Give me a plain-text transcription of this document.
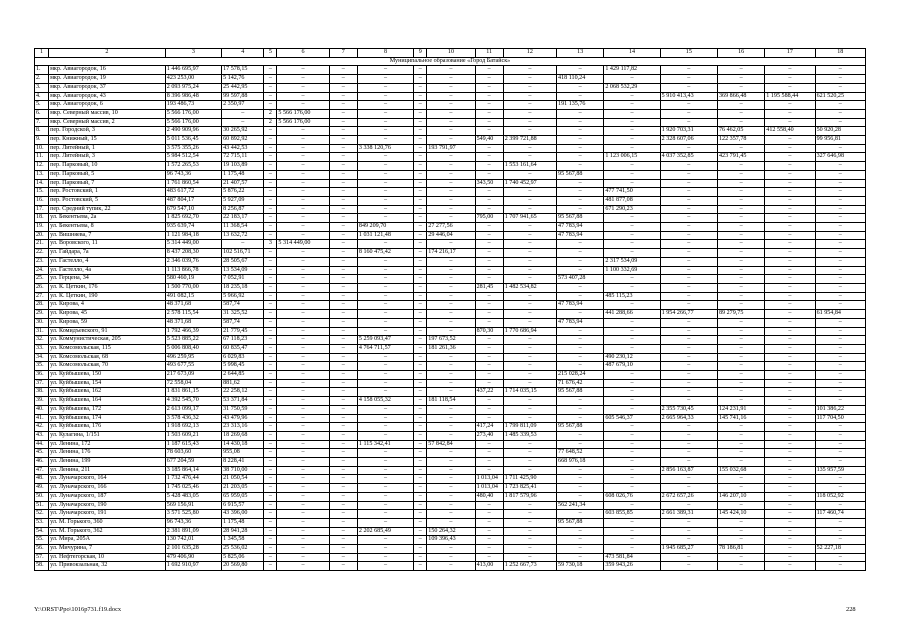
1	2	3	4	5	6	7	8	9	10	11	12	13	14	15	16	17	18
Муниципальное образование «Город Батайск»																	
1.	мкр. Авиагородок, 16	1 446 695,97	17 578,15	–	–	–	–	–	–	–	–	–	1 429 117,82	–	–	–	–
2.	мкр. Авиагородок, 19	423 253,00	5 142,76	–	–	–	–	–	–	–	–	418 110,24	–	–	–	–	–
3.	мкр. Авиагородок, 37	2 093 975,24	25 442,95	–	–	–	–	–	–	–	–	–	2 068 532,29	–	–	–	–
4.	мкр. Авиагородок, 43	8 396 986,48	99 597,88	–	–	–	–	–	–	–	–	–	–	5 910 413,43	369 866,48	1 195 588,44	621 520,25
5.	мкр. Авиагородок, 6	193 486,73	2 350,97	–	–	–	–	–	–	–	–	191 135,76	–	–	–	–	–
6.	мкр. Северный массив, 10	5 566 176,00	–	2	5 566 176,00	–	–	–	–	–	–	–	–	–	–	–	–
7.	мкр. Северный массив, 2	5 566 176,00	–	2	5 566 176,00	–	–	–	–	–	–	–	–	–	–	–	–
8.	пер. Городской, 3	2 490 909,96	30 265,92	–	–	–	–	–	–	–	–	–	–	1 920 703,31	76 462,05	412 558,40	50 920,28
9.	пер. Книжный, 15	5 011 536,45	60 892,92	–	–	–	–	–	–	549,40	2 399 721,88	–	–	2 328 607,06	122 357,78	–	99 956,81
10.	пер. Литейный, 1	3 575 355,26	43 442,53	–	–	–	3 338 120,76	–	193 791,97	–	–	–	–	–	–	–	–
11.	пер. Литейный, 3	5 984 512,54	72 715,11	–	–	–	–	–	–	–	–	–	1 123 006,15	4 037 352,85	423 791,45	–	327 646,98
12.	пер. Парковый, 10	1 572 265,53	19 103,89	–	–	–	–	–	–	–	1 553 161,64	–	–	–	–	–	–
13.	пер. Парковый, 5	96 743,36	1 175,48	–	–	–	–	–	–	–	–	95 567,88	–	–	–	–	–
14.	пер. Парковый, 7	1 761 860,54	21 407,57	–	–	–	–	–	–	343,50	1 740 452,97	–	–	–	–	–	–
15.	пер. Ростовский, 1	483 617,72	5 876,22	–	–	–	–	–	–	–	–	–	477 741,50	–	–	–	–
16.	пер. Ростовский, 5	487 804,17	5 927,09	–	–	–	–	–	–	–	–	–	481 877,08	–	–	–	–
17.	пер. Средний тупик, 22	679 547,10	8 256,87	–	–	–	–	–	–	–	–	–	671 290,23	–	–	–	–
18.	ул. Бекентьева, 2а	1 825 692,70	22 183,17	–	–	–	–	–	–	795,00	1 707 941,65	95 567,88	–	–	–	–	–
19.	ул. Бекентьева, 8	935 639,74	11 368,54	–	–	–	849 209,70	–	27 277,56	–	–	47 783,94	–	–	–	–	–
20.	ул. Вишняева, 7	1 121 984,18	13 632,72	–	–	–	1 031 121,48	–	29 446,04	–	–	47 783,94	–	–	–	–	–
21.	ул. Воровского, 11	5 314 449,00	–	3	5 314 449,00	–	–	–	–	–	–	–	–	–	–	–	–
22.	ул. Гайдара, 7а	8 437 208,30	102 516,71	–	–	–	8 160 475,42	–	174 216,17	–	–	–	–	–	–	–	–
23.	ул. Гастелло, 4	2 346 039,76	28 505,67	–	–	–	–	–	–	–	–	–	2 317 534,09	–	–	–	–
24.	ул. Гастелло, 4а	1 113 866,78	13 534,09	–	–	–	–	–	–	–	–	–	1 100 332,69	–	–	–	–
25.	ул. Герцена, 34	580 460,19	7 052,91	–	–	–	–	–	–	–	–	573 407,28	–	–	–	–	–
26.	ул. К. Цеткин, 176	1 500 770,00	18 235,18	–	–	–	–	–	–	281,45	1 482 534,82	–	–	–	–	–	–
27.	ул. К. Цеткин, 190	491 082,15	5 966,92	–	–	–	–	–	–	–	–	–	485 115,23	–	–	–	–
28.	ул. Кирова, 4	48 371,68	587,74	–	–	–	–	–	–	–	–	47 783,94	–	–	–	–	–
29.	ул. Кирова, 45	2 578 115,54	31 325,52	–	–	–	–	–	–	–	–	–	441 288,66	1 954 266,77	89 279,75	–	61 954,84
30.	ул. Кирова, 59	48 371,68	587,74	–	–	–	–	–	–	–	–	47 783,94	–	–	–	–	–
31.	ул. Комидъевского, 91	1 792 466,39	21 779,45	–	–	–	–	–	–	870,30	1 770 686,94	–	–	–	–	–	–
32.	ул. Коммунистическая, 205	5 523 885,22	67 118,23	–	–	–	5 259 093,47	–	197 673,52	–	–	–	–	–	–	–	–
33.	ул. Комсомольская, 115	5 006 808,40	60 835,47	–	–	–	4 764 711,57	–	181 261,36	–	–	–	–	–	–	–	–
34.	ул. Комсомольская, 68	496 259,95	6 029,83	–	–	–	–	–	–	–	–	–	490 230,12	–	–	–	–
35.	ул. Комсомольская, 70	493 677,55	5 998,45	–	–	–	–	–	–	–	–	–	487 679,10	–	–	–	–
36.	ул. Куйбышева, 150	217 673,09	2 644,85	–	–	–	–	–	–	–	–	215 028,24	–	–	–	–	–
37.	ул. Куйбышева, 154	72 558,04	881,62	–	–	–	–	–	–	–	–	71 676,42	–	–	–	–	–
38.	ул. Куйбышева, 162	1 831 861,15	22 258,12	–	–	–	–	–	–	437,22	1 714 035,15	95 567,88	–	–	–	–	–
39.	ул. Куйбышева, 164	4 392 545,70	53 371,84	–	–	–	4 158 055,32	–	181 118,54	–	–	–	–	–	–	–	–
40.	ул. Куйбышева, 172	2 613 099,17	31 750,59	–	–	–	–	–	–	–	–	–	–	2 355 730,45	124 231,91	–	101 386,22
41.	ул. Куйбышева, 174	3 578 436,32	43 479,96	–	–	–	–	–	–	–	–	–	605 546,37	2 665 964,33	145 741,16	–	117 704,50
42.	ул. Куйбышева, 176	1 918 692,13	23 313,16	–	–	–	–	–	–	417,24	1 799 811,09	95 567,88	–	–	–	–	–
43.	ул. Кулагина, 1/151	1 503 609,21	18 269,68	–	–	–	–	–	–	273,40	1 485 339,53	–	–	–	–	–	–
44.	ул. Ленина, 172	1 187 615,43	14 430,18	–	–	–	1 115 342,41	–	57 842,84	–	–	–	–	–	–	–	–
45.	ул. Ленина, 176	78 603,60	955,08	–	–	–	–	–	–	–	–	77 648,52	–	–	–	–	–
46.	ул. Ленина, 199	677 204,59	8 228,41	–	–	–	–	–	–	–	–	668 976,18	–	–	–	–	–
47.	ул. Ленина, 211	3 185 864,14	38 710,00	–	–	–	–	–	–	–	–	–	–	2 856 163,87	155 032,68	–	135 957,59
48.	ул. Луначарского, 164	1 732 476,44	21 050,54	–	–	–	–	–	–	1 013,04	1 711 425,90	–	–	–	–	–	–
49.	ул. Луначарского, 166	1 745 025,46	21 203,05	–	–	–	–	–	–	1 013,04	1 723 825,41	–	–	–	–	–	–
50.	ул. Луначарского, 187	5 428 483,05	65 959,05	–	–	–	–	–	–	480,40	1 817 579,96	–	608 026,76	2 672 657,26	146 207,10	–	118 052,92
51.	ул. Луначарского, 190	569 156,91	6 915,57	–	–	–	–	–	–	–	–	562 241,34	–	–	–	–	–
52.	ул. Луначарского, 191	3 571 525,80	43 396,00	–	–	–	–	–	–	–	–	–	603 855,85	2 661 389,31	145 424,10	–	117 460,74
53.	ул. М. Горького, 360	96 743,36	1 175,48	–	–	–	–	–	–	–	–	95 567,88	–	–	–	–	–
54.	ул. М. Горького, 362	2 381 891,09	28 941,28	–	–	–	2 202 685,49	–	150 264,32	–	–	–	–	–	–	–	–
55.	ул. Мира, 205А	130 742,01	1 345,58	–	–	–	–	–	109 396,43	–	–	–	–	–	–	–	–
56.	ул. Мичурина, 7	2 101 635,28	25 536,02	–	–	–	–	–	–	–	–	–	–	1 945 685,27	78 186,81	–	52 227,18
57.	ул. Нефтегорская, 10	479 406,90	5 825,06	–	–	–	–	–	–	–	–	–	473 581,84	–	–	–	–
58.	ул. Привокзальная, 32	1 692 910,97	20 569,80	–	–	–	–	–	–	413,00	1 252 667,73	59 730,18	359 943,26	–	–	–	–
Y:\ORST\Ppo\1016p731.f19.docx	228
